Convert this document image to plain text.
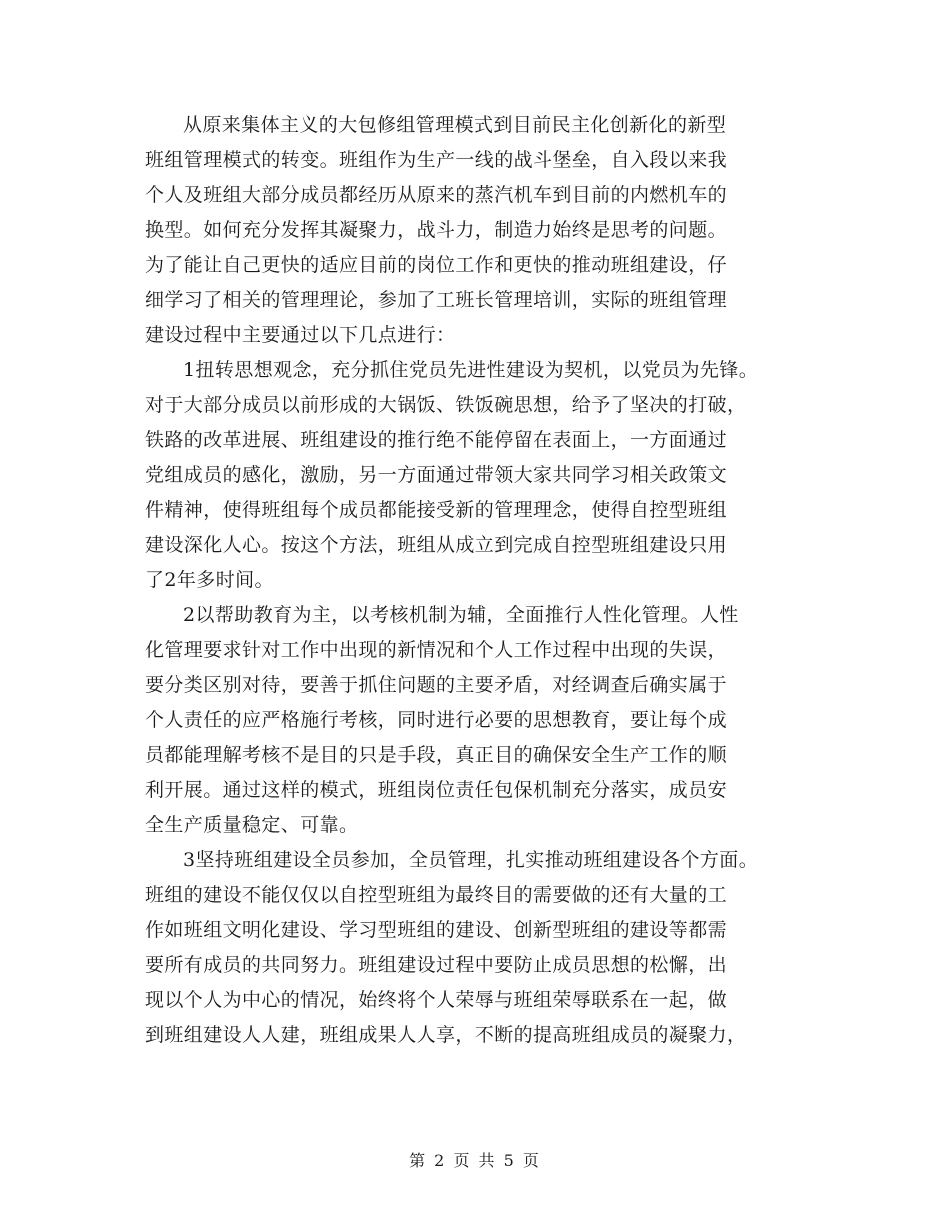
从原来集体主义的大包修组管理模式到目前民主化创新化的新型
班组管理模式的转变。班组作为生产一线的战斗堡垒，自入段以来我
个人及班组大部分成员都经历从原来的蒸汽机车到目前的内燃机车的
换型。如何充分发挥其凝聚力，战斗力，制造力始终是思考的问题。
为了能让自己更快的适应目前的岗位工作和更快的推动班组建设，仔
细学习了相关的管理理论，参加了工班长管理培训，实际的班组管理
建设过程中主要通过以下几点进行：
1扭转思想观念，充分抓住党员先进性建设为契机，以党员为先锋。
对于大部分成员以前形成的大锅饭、铁饭碗思想，给予了坚决的打破，
铁路的改革进展、班组建设的推行绝不能停留在表面上，一方面通过
党组成员的感化，激励，另一方面通过带领大家共同学习相关政策文
件精神，使得班组每个成员都能接受新的管理理念，使得自控型班组
建设深化人心。按这个方法，班组从成立到完成自控型班组建设只用
了2年多时间。
2以帮助教育为主，以考核机制为辅，全面推行人性化管理。人性
化管理要求针对工作中出现的新情况和个人工作过程中出现的失误，
要分类区别对待，要善于抓住问题的主要矛盾，对经调查后确实属于
个人责任的应严格施行考核，同时进行必要的思想教育，要让每个成
员都能理解考核不是目的只是手段，真正目的确保安全生产工作的顺
利开展。通过这样的模式，班组岗位责任包保机制充分落实，成员安
全生产质量稳定、可靠。
3坚持班组建设全员参加，全员管理，扎实推动班组建设各个方面。
班组的建设不能仅仅以自控型班组为最终目的需要做的还有大量的工
作如班组文明化建设、学习型班组的建设、创新型班组的建设等都需
要所有成员的共同努力。班组建设过程中要防止成员思想的松懈，出
现以个人为中心的情况，始终将个人荣辱与班组荣辱联系在一起，做
到班组建设人人建，班组成果人人享，不断的提高班组成员的凝聚力，
第 2 页 共 5 页
